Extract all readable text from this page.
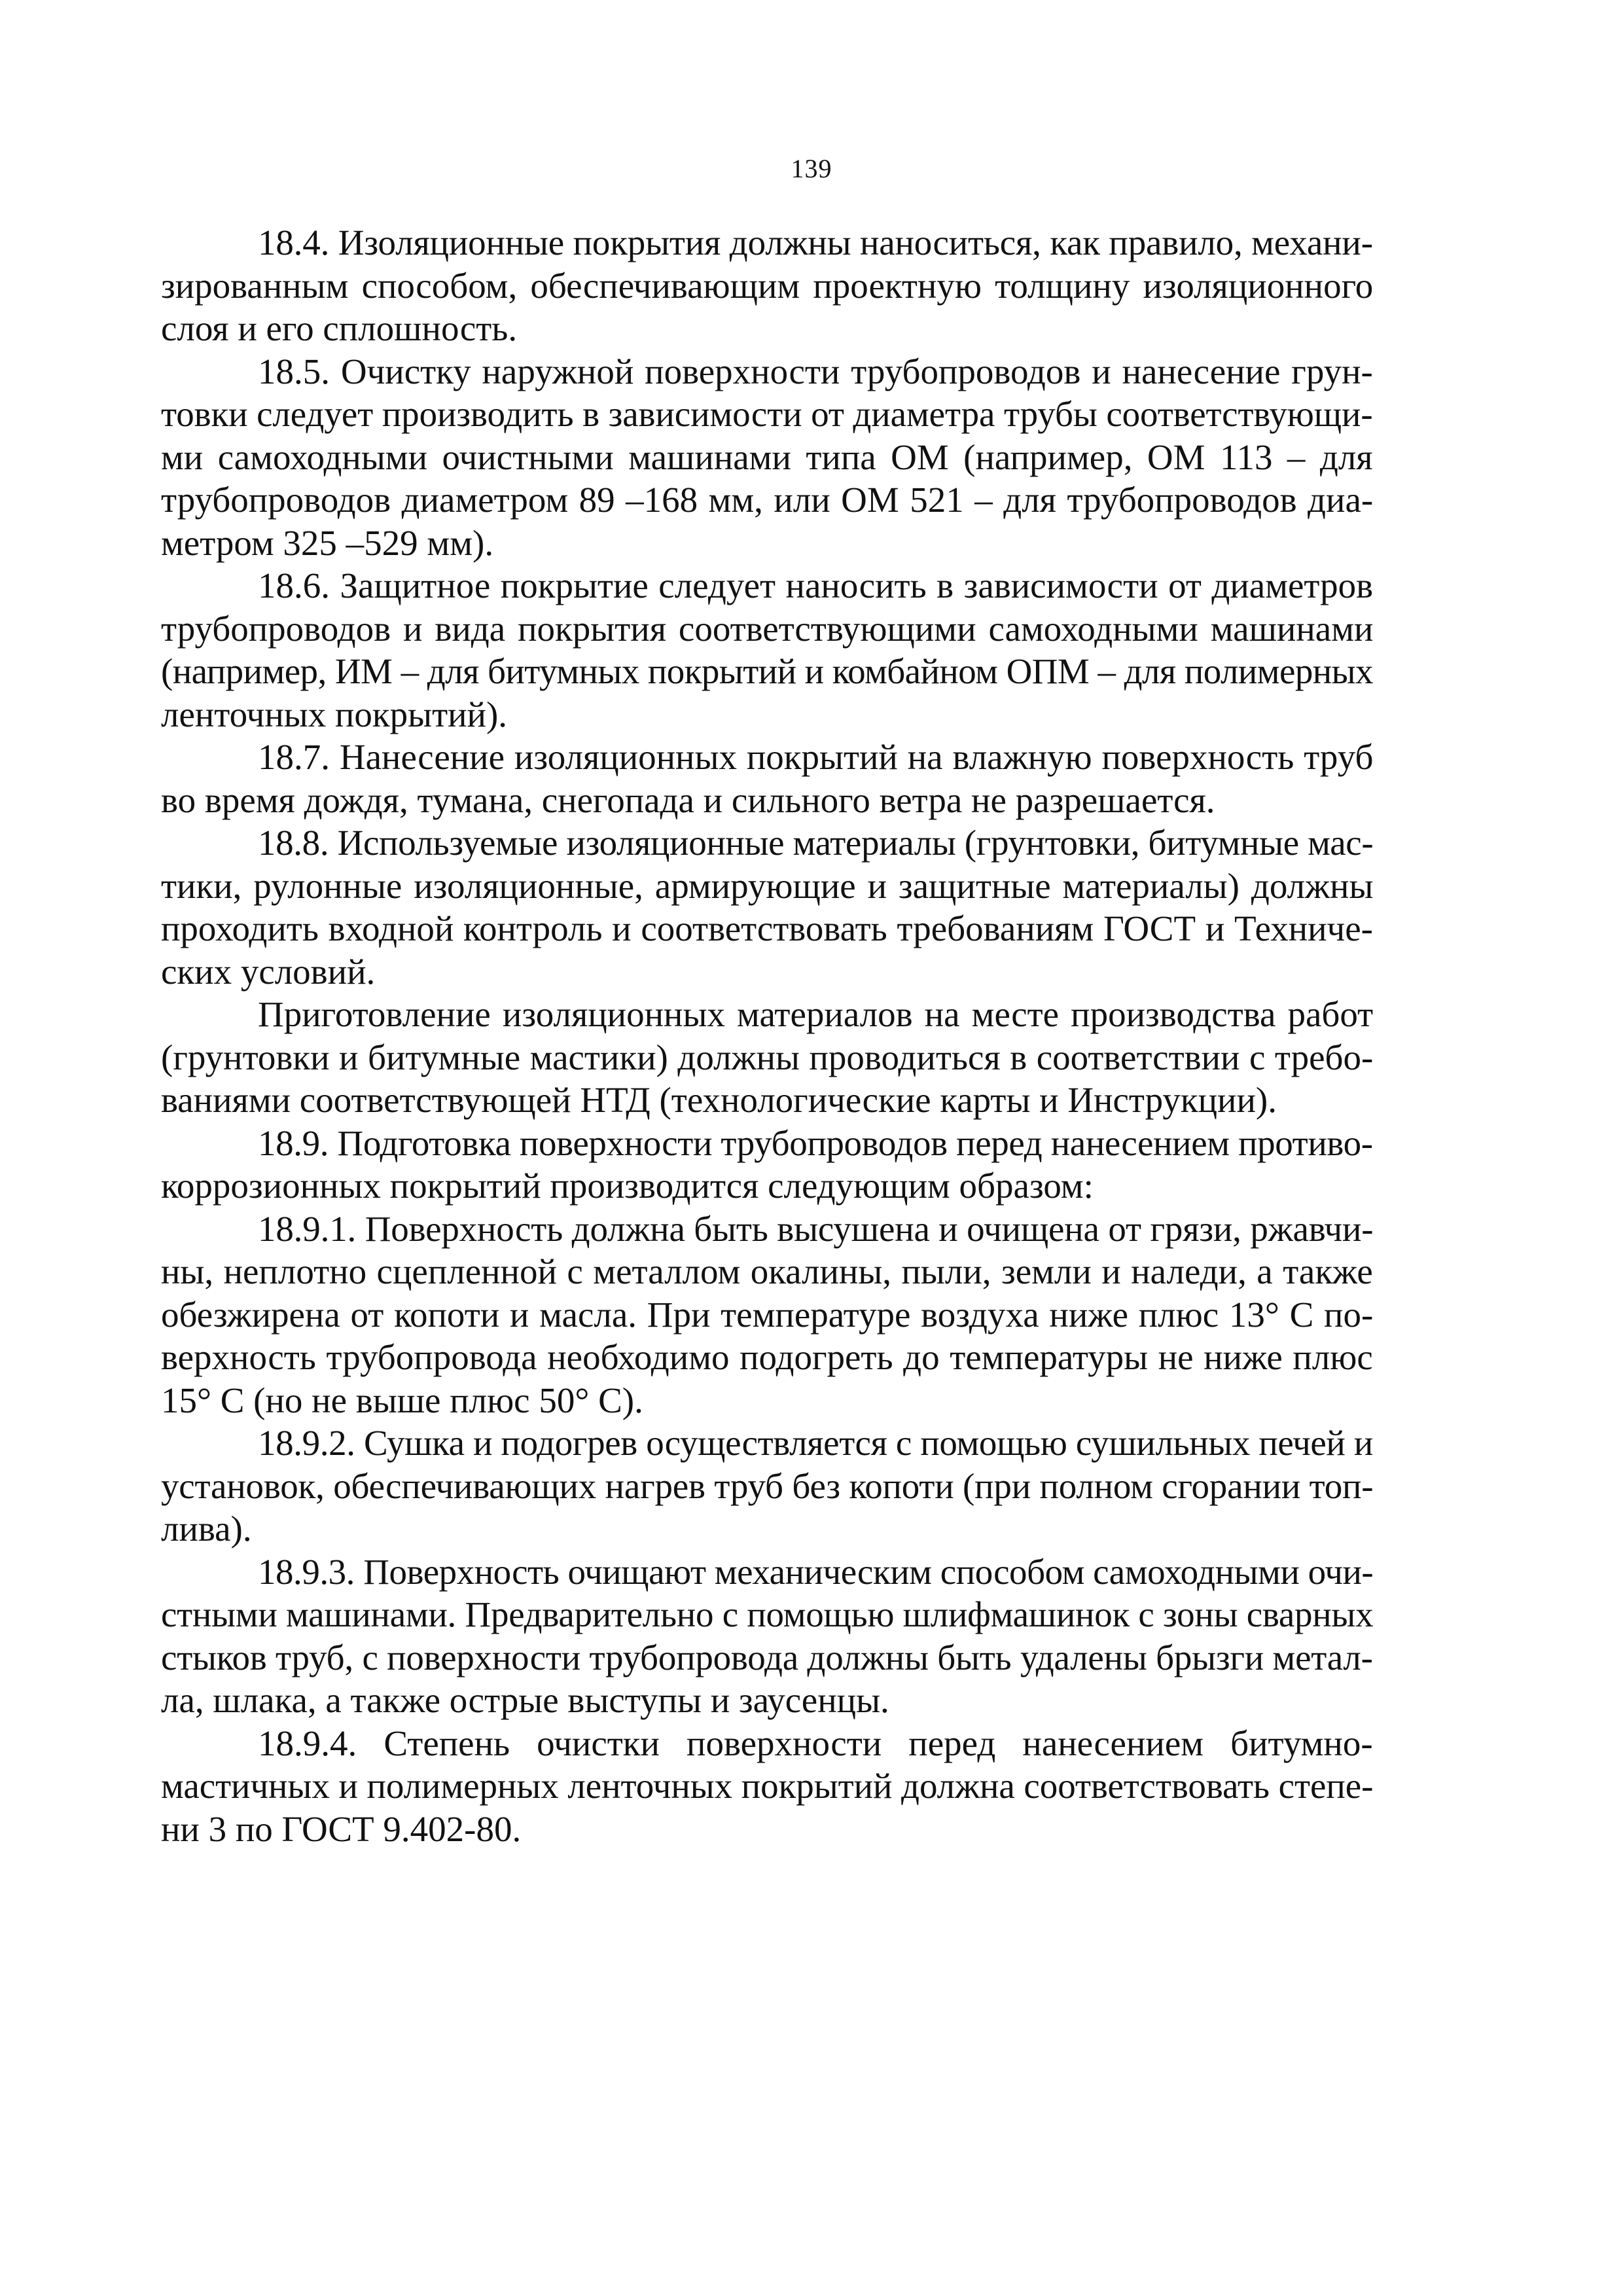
139

18.4. Изоляционные покрытия должны наноситься, как правило, механи-
зированным способом, обеспечивающим проектную толщину изоляционного
слоя и его сплошность.

18.5. Очистку наружной поверхности трубопроводов и нанесение грун-
товки следует производить в зависимости от диаметра трубы соответствующи-
ми самоходными очистными машинами типа ОМ (например, ОМ 113 – для
трубопроводов диаметром 89 –168 мм, или ОМ 521 – для трубопроводов диа-
метром 325 –529 мм).

18.6. Защитное покрытие следует наносить в зависимости от диаметров
трубопроводов и вида покрытия соответствующими самоходными машинами
(например, ИМ – для битумных покрытий и комбайном ОПМ – для полимерных
ленточных покрытий).

18.7. Нанесение изоляционных покрытий на влажную поверхность труб
во время дождя, тумана, снегопада и сильного ветра не разрешается.

18.8. Используемые изоляционные материалы (грунтовки, битумные мас-
тики, рулонные изоляционные, армирующие и защитные материалы) должны
проходить входной контроль и соответствовать требованиям ГОСТ и Техниче-
ских условий.

Приготовление изоляционных материалов на месте производства работ
(грунтовки и битумные мастики) должны проводиться в соответствии с требо-
ваниями соответствующей НТД (технологические карты и Инструкции).

18.9. Подготовка поверхности трубопроводов перед нанесением противо-
коррозионных покрытий производится следующим образом:

18.9.1. Поверхность должна быть высушена и очищена от грязи, ржавчи-
ны, неплотно сцепленной с металлом окалины, пыли, земли и наледи, а также
обезжирена от копоти и масла. При температуре воздуха ниже плюс 13° С по-
верхность трубопровода необходимо подогреть до температуры не ниже плюс
15° С (но не выше плюс 50° С).

18.9.2. Сушка и подогрев осуществляется с помощью сушильных печей и
установок, обеспечивающих нагрев труб без копоти (при полном сгорании топ-
лива).

18.9.3. Поверхность очищают механическим способом самоходными очи-
стными машинами. Предварительно с помощью шлифмашинок с зоны сварных
стыков труб, с поверхности трубопровода должны быть удалены брызги метал-
ла, шлака, а также острые выступы и заусенцы.

18.9.4. Степень очистки поверхности перед нанесением битумно-
мастичных и полимерных ленточных покрытий должна соответствовать степе-
ни 3 по ГОСТ 9.402-80.
